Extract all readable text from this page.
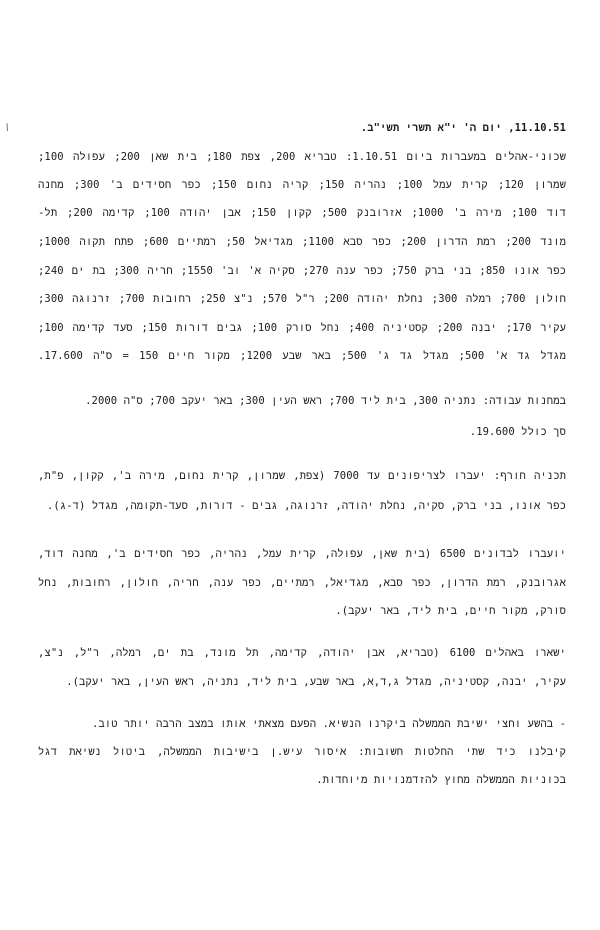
/	11.10.51, יום ה' י"א תשרי תשי"ב.
שכוני-אהלים במעברות ביום 1.10.51: טבריא 200, צפת 180; בית שאן 200; עפולה 100;
שמרון 120; קרית עמל 100; נהריה 150; קריה נחום 150; כפר חסידים ב' 300; מחנה
דוד 100; מירה ב' 1000; אזרובנק 500; קקון 150; אבן יהודה 100; קדימה 200; תל-
מונד 200; רמת הדרון 200; כפר סבא 1100; מגדיאל 50; רמתיים 600; פתח תקוה 1000;
כפר אונו 850; בני ברק 750; כפר ענה 270; סקיה א' וב' 1550; חריה 300; בת ים 240;
חולון 700; רמלה 300; נחלת יהודה 200; ר"ל 570; נ"צ 250; רחובות 700; זרנוגה 300;
עקיר 170; יבנה 200; קסטיניה 400; נחל סורק 100; גבים דורות 150; סעד קדימה 100;
מגדל גד א' 500; מגדל גד ג' 500; באר שבע 1200; מקור חיים 150 = ס"ה 17.600.
במחנות עבודה: נתניה 300, בית ליד 700; ראש העין 300; באר יעקב 700; ס"ה 2000.
סך כולל 19.600.
תכניה חורף: יעברו לצריפונים עד 7000 (צפת, שמרון, קרית נחום, מירה ב', קקון, פ"ת,
כפר אונו, בני ברק, סקיה, נחלת יהודה, זרנוגה, גבים - דורות, סעד-תקומה, מגדל (ד-ג).
יועברו לבדונים 6500 (בית שאן, עפולה, קרית עמל, נהריה, כפר חסידים ב', מחנה דוד,
אגרובנק, רמת הדרון, כפר סבא, מגדיאל, רמתיים, כפר ענה, חריה, חולון, רחובות, נחל
סורק, מקור חיים, בית ליד, באר יעקב).
ישארו באהלים 6100 (טבריא, אבן יהודה, קדימה, תל מונד, בת ים, רמלה, ר"ל, נ"צ,
עקיר, יבנה, קסטיניה, מגדל ג,ד,א, באר שבע, בית ליד, נתניה, ראש העין, באר יעקב).
- בהשע וחצי ישיבת הממשלה ביקרנו הנשיא. הפעם מצאתי אותו במצב הרבה יותר טוב.
קיבלנו כיד שתי החלטות חשובות: איסור עיש.ן בישיבות הממשלה, ביטול נשיאת דגל
בכוניות הממשלה מחוץ להזדמנויות מיוחדות.
